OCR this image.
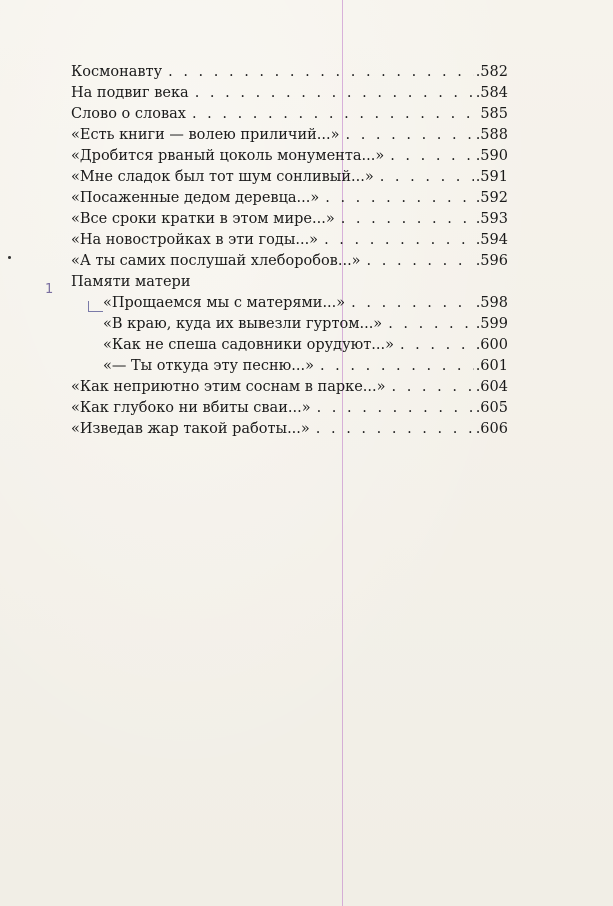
1
Космонавту . . .	.582
На подвиг века . . .	.584
Слово о словах . . .	585
«Есть книги — волею приличий...» . . .	.588
«Дробится рваный цоколь монумента...» . . .	.590
«Мне сладок был тот шум сонливый...» . . .	.591
«Посаженные дедом деревца...» . . .	.592
«Все сроки кратки в этом мире...» . . .	.593
«На новостройках в эти годы...» . . .	.594
«А ты самих послушай хлеборобов...» . . .	.596
Памяти матери
«Прощаемся мы с матерями...» . . .	.598
«В краю, куда их вывезли гуртом...» . . .	.599
«Как не спеша садовники орудуют...» . . .	.600
«— Ты откуда эту песню...» . . .	.601
«Как неприютно этим соснам в парке...» . . .	.604
«Как глубоко ни вбиты сваи...» . . .	.605
«Изведав жар такой работы...» . . .	.606
